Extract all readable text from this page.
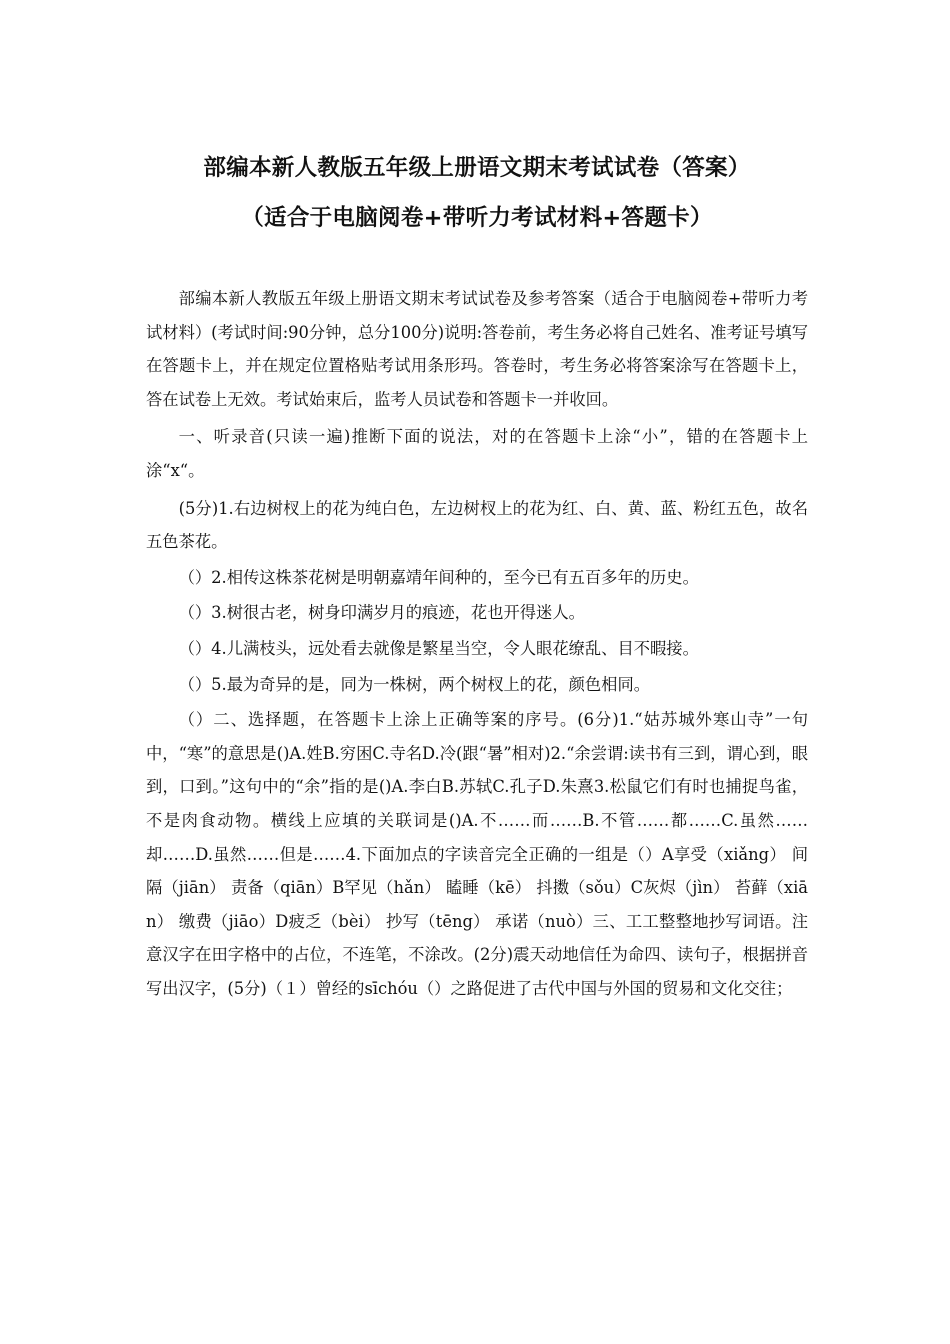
部编本新人教版五年级上册语文期末考试试卷（答案）
（适合于电脑阅卷+带听力考试材料+答题卡）

部编本新人教版五年级上册语文期末考试试卷及参考答案（适合于电脑阅卷+带听力考试材料）(考试时间:90分钟，总分100分)说明:答卷前，考生务必将自己姓名、准考证号填写在答题卡上，并在规定位置格贴考试用条形玛。答卷时，考生务必将答案涂写在答题卡上，答在试卷上无效。考试始束后，监考人员试卷和答题卡一并收回。

一、听录音(只读一遍)推断下面的说法，对的在答题卡上涂“小”，错的在答题卡上涂“x“。

(5分)1.右边树杈上的花为纯白色，左边树杈上的花为红、白、黄、蓝、粉红五色，故名五色茶花。

（）2.相传这株茶花树是明朝嘉靖年间种的，至今已有五百多年的历史。

（）3.树很古老，树身印满岁月的痕迹，花也开得迷人。

（）4.儿满枝头，远处看去就像是繁星当空，令人眼花缭乱、目不暇接。

（）5.最为奇异的是，同为一株树，两个树杈上的花，颜色相同。

（）二、选择题，在答题卡上涂上正确等案的序号。(6分)1.“姑苏城外寒山寺”一句中，“寒”的意思是()A.姓B.穷困C.寺名D.冷(跟“暑”相对)2.“余尝谓:读书有三到，谓心到，眼到，口到。”这句中的“余”指的是()A.李白B.苏轼C.孔子D.朱熹3.松鼠它们有时也捕捉鸟雀，不是肉食动物。横线上应填的关联词是()A.不……而……B.不管……都……C.虽然……却……D.虽然……但是……4.下面加点的字读音完全正确的一组是（）A享受（xiǎng） 间隔（jiān） 责备（qiān）B罕见（hǎn） 瞌睡（kē） 抖擞（sǒu）C灰烬（jìn） 苔藓（xiān） 缴费（jiāo）D疲乏（bèi） 抄写（tēng） 承诺（nuò）三、工工整整地抄写词语。注意汉字在田字格中的占位，不连笔，不涂改。(2分)震天动地信任为命四、读句子，根据拼音写出汉字，(5分)（１）曾经的sīchóu（）之路促进了古代中国与外国的贸易和文化交往；
